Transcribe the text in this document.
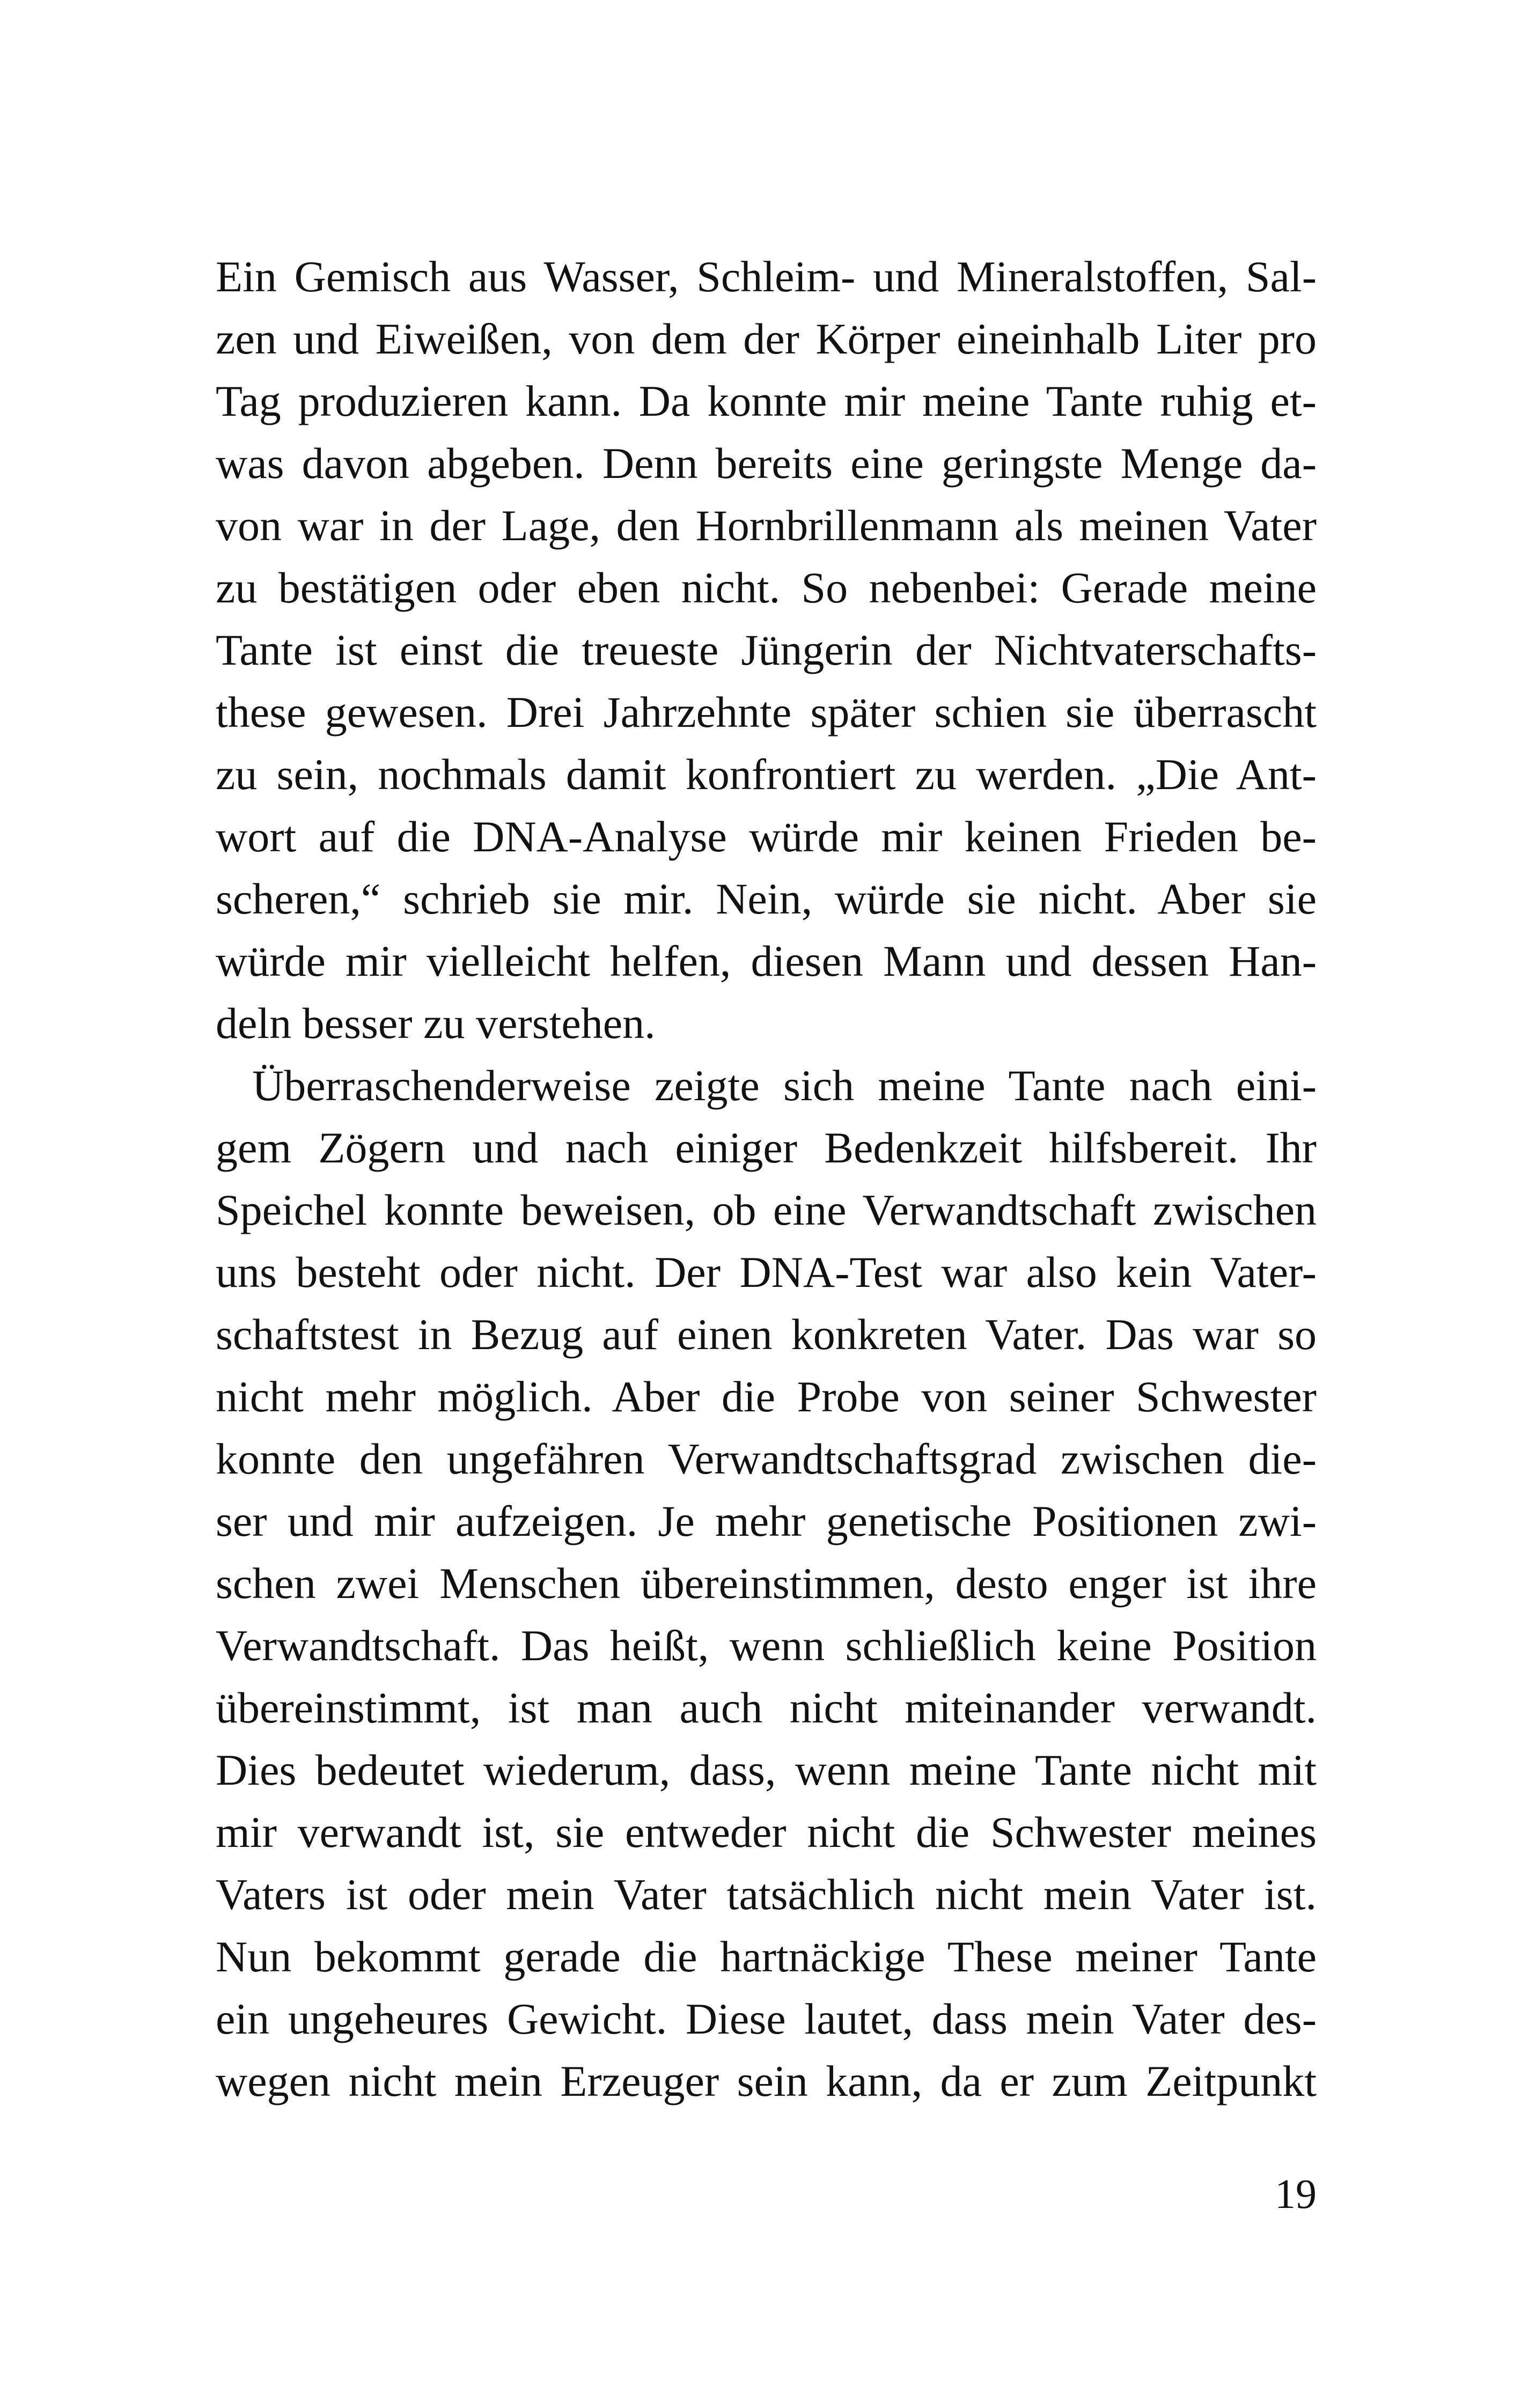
Ein Gemisch aus Wasser, Schleim- und Mineralstoffen, Sal-
zen und Eiweißen, von dem der Körper eineinhalb Liter pro
Tag produzieren kann. Da konnte mir meine Tante ruhig et-
was davon abgeben. Denn bereits eine geringste Menge da-
von war in der Lage, den Hornbrillenmann als meinen Vater
zu bestätigen oder eben nicht. So nebenbei: Gerade meine
Tante ist einst die treueste Jüngerin der Nichtvaterschafts-
these gewesen. Drei Jahrzehnte später schien sie überrascht
zu sein, nochmals damit konfrontiert zu werden. „Die Ant-
wort auf die DNA-Analyse würde mir keinen Frieden be-
scheren,“ schrieb sie mir. Nein, würde sie nicht. Aber sie
würde mir vielleicht helfen, diesen Mann und dessen Han-
deln besser zu verstehen.
Überraschenderweise zeigte sich meine Tante nach eini-
gem Zögern und nach einiger Bedenkzeit hilfsbereit. Ihr
Speichel konnte beweisen, ob eine Verwandtschaft zwischen
uns besteht oder nicht. Der DNA-Test war also kein Vater-
schaftstest in Bezug auf einen konkreten Vater. Das war so
nicht mehr möglich. Aber die Probe von seiner Schwester
konnte den ungefähren Verwandtschaftsgrad zwischen die-
ser und mir aufzeigen. Je mehr genetische Positionen zwi-
schen zwei Menschen übereinstimmen, desto enger ist ihre
Verwandtschaft. Das heißt, wenn schließlich keine Position
übereinstimmt, ist man auch nicht miteinander verwandt.
Dies bedeutet wiederum, dass, wenn meine Tante nicht mit
mir verwandt ist, sie entweder nicht die Schwester meines
Vaters ist oder mein Vater tatsächlich nicht mein Vater ist.
Nun bekommt gerade die hartnäckige These meiner Tante
ein ungeheures Gewicht. Diese lautet, dass mein Vater des-
wegen nicht mein Erzeuger sein kann, da er zum Zeitpunkt
19
